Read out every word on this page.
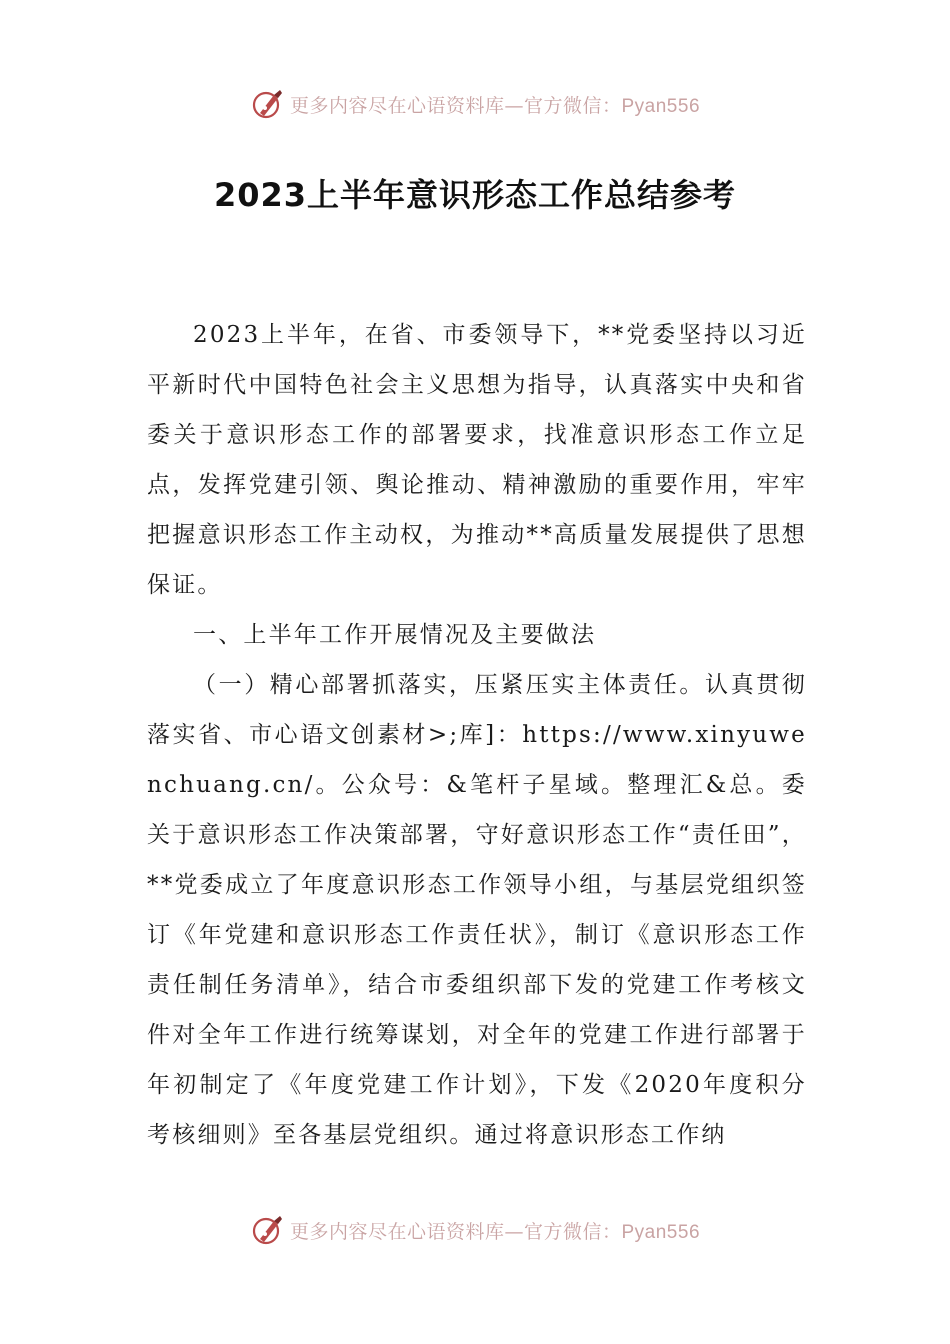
更多内容尽在心语资料库—官方微信：Pyan556
2023上半年意识形态工作总结参考

2023上半年，在省、市委领导下，**党委坚持以习近平新时代中国特色社会主义思想为指导，认真落实中央和省委关于意识形态工作的部署要求，找准意识形态工作立足点，发挥党建引领、舆论推动、精神激励的重要作用，牢牢把握意识形态工作主动权，为推动**高质量发展提供了思想保证。

一、上半年工作开展情况及主要做法

（一）精心部署抓落实，压紧压实主体责任。认真贯彻落实省、市心语文创素材>;库]：https://www.xinyuwenchuang.cn/。公众号：&笔杆子星域。整理汇&总。委关于意识形态工作决策部署，守好意识形态工作“责任田”，**党委成立了年度意识形态工作领导小组，与基层党组织签订《年党建和意识形态工作责任状》，制订《意识形态工作责任制任务清单》，结合市委组织部下发的党建工作考核文件对全年工作进行统筹谋划，对全年的党建工作进行部署于年初制定了《年度党建工作计划》，下发《2020年度积分考核细则》至各基层党组织。通过将意识形态工作纳

更多内容尽在心语资料库—官方微信：Pyan556
